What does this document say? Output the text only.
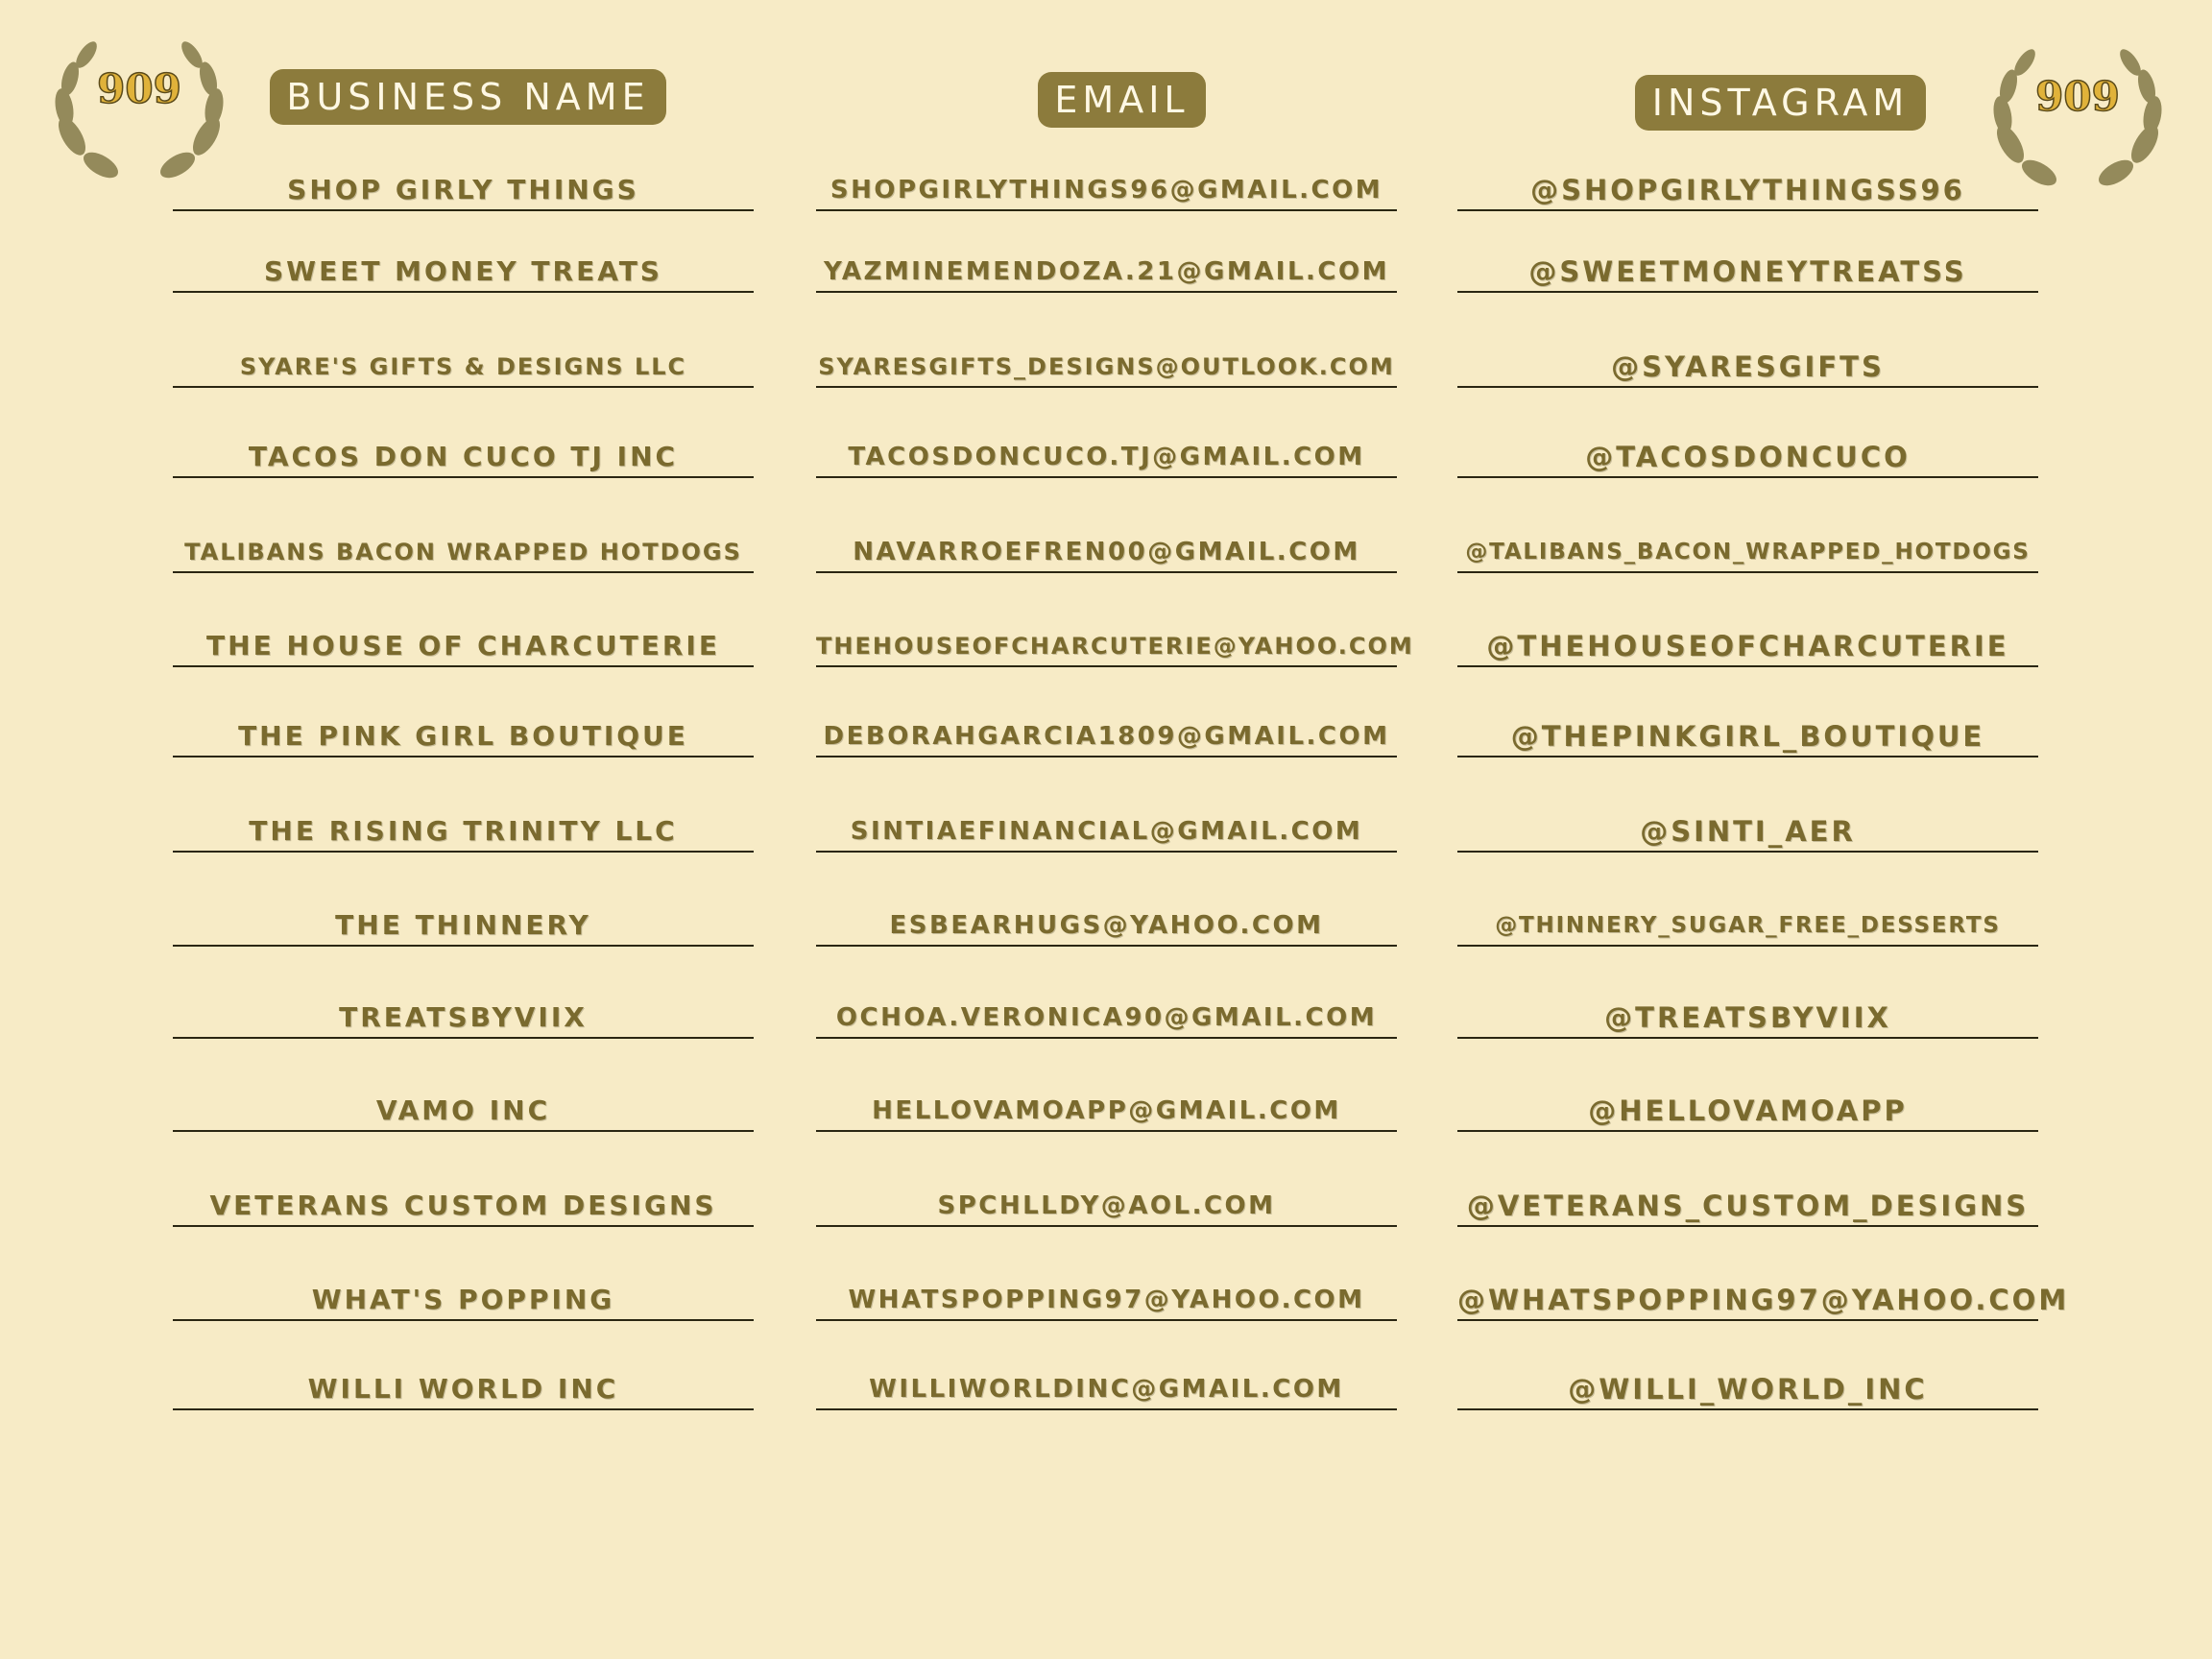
909	909
BUSINESS NAME	EMAIL	INSTAGRAM
SHOP GIRLY THINGS	SHOPGIRLYTHINGS96@GMAIL.COM	@SHOPGIRLYTHINGSS96
SWEET MONEY TREATS	YAZMINEMENDOZA.21@GMAIL.COM	@SWEETMONEYTREATSS
SYARE'S GIFTS & DESIGNS LLC	SYARESGIFTS_DESIGNS@OUTLOOK.COM	@SYARESGIFTS
TACOS DON CUCO TJ INC	TACOSDONCUCO.TJ@GMAIL.COM	@TACOSDONCUCO
TALIBANS BACON WRAPPED HOTDOGS	NAVARROEFREN00@GMAIL.COM	@TALIBANS_BACON_WRAPPED_HOTDOGS
THE HOUSE OF CHARCUTERIE	THEHOUSEOFCHARCUTERIE@YAHOO.COM	@THEHOUSEOFCHARCUTERIE
THE PINK GIRL BOUTIQUE	DEBORAHGARCIA1809@GMAIL.COM	@THEPINKGIRL_BOUTIQUE
THE RISING TRINITY LLC	SINTIAEFINANCIAL@GMAIL.COM	@SINTI_AER
THE THINNERY	ESBEARHUGS@YAHOO.COM	@THINNERY_SUGAR_FREE_DESSERTS
TREATSBYVIIX	OCHOA.VERONICA90@GMAIL.COM	@TREATSBYVIIX
VAMO INC	HELLOVAMOAPP@GMAIL.COM	@HELLOVAMOAPP
VETERANS CUSTOM DESIGNS	SPCHLLDY@AOL.COM	@VETERANS_CUSTOM_DESIGNS
WHAT'S POPPING	WHATSPOPPING97@YAHOO.COM	@WHATSPOPPING97@YAHOO.COM
WILLI WORLD INC	WILLIWORLDINC@GMAIL.COM	@WILLI_WORLD_INC
